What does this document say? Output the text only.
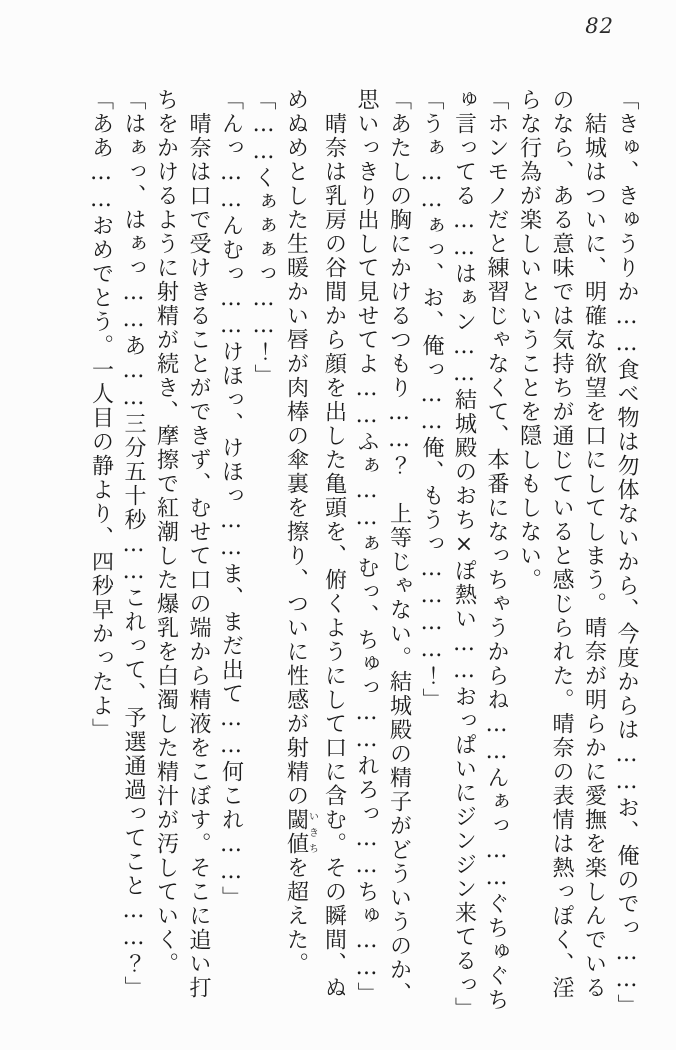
82

「きゅ、きゅうりか……食べ物は勿体ないから、今度からは……お、俺のでっ……」

結城はついに、明確な欲望を口にしてしまう。晴奈が明らかに愛撫を楽しんでいる

のなら、ある意味では気持ちが通じていると感じられた。晴奈の表情は熱っぽく、淫

らな行為が楽しいということを隠しもしない。

「ホンモノだと練習じゃなくて、本番になっちゃうからね……んぁっ……ぐちゅぐち

ゅ言ってる……はぁン……結城殿のおち×ぽ熱い……おっぱいにジンジン来てるっ」

「うぁ……ぁっ、お、俺っ……俺、もうっ…………！」

「あたしの胸にかけるつもり……？　上等じゃない。結城殿の精子がどういうのか、

思いっきり出して見せてよ……ふぁ……ぁむっ、ちゅっ……れろっ……ちゅ……」

晴奈は乳房の谷間から顔を出した亀頭を、俯くようにして口に含む。その瞬間、ぬ

めぬめとした生暖かい唇が肉棒の傘裏を擦り、ついに性感が射精の閾値いきちを超えた。

「……くぁぁぁっ……！」

「んっ……んむっ……けほっ、けほっ……ま、まだ出て……何これ……」

晴奈は口で受けきることができず、むせて口の端から精液をこぼす。そこに追い打

ちをかけるように射精が続き、摩擦で紅潮した爆乳を白濁した精汁が汚していく。

「はぁっ、はぁっ……あ……三分五十秒……これって、予選通過ってこと……？」

「ああ……おめでとう。一人目の静より、四秒早かったよ」
